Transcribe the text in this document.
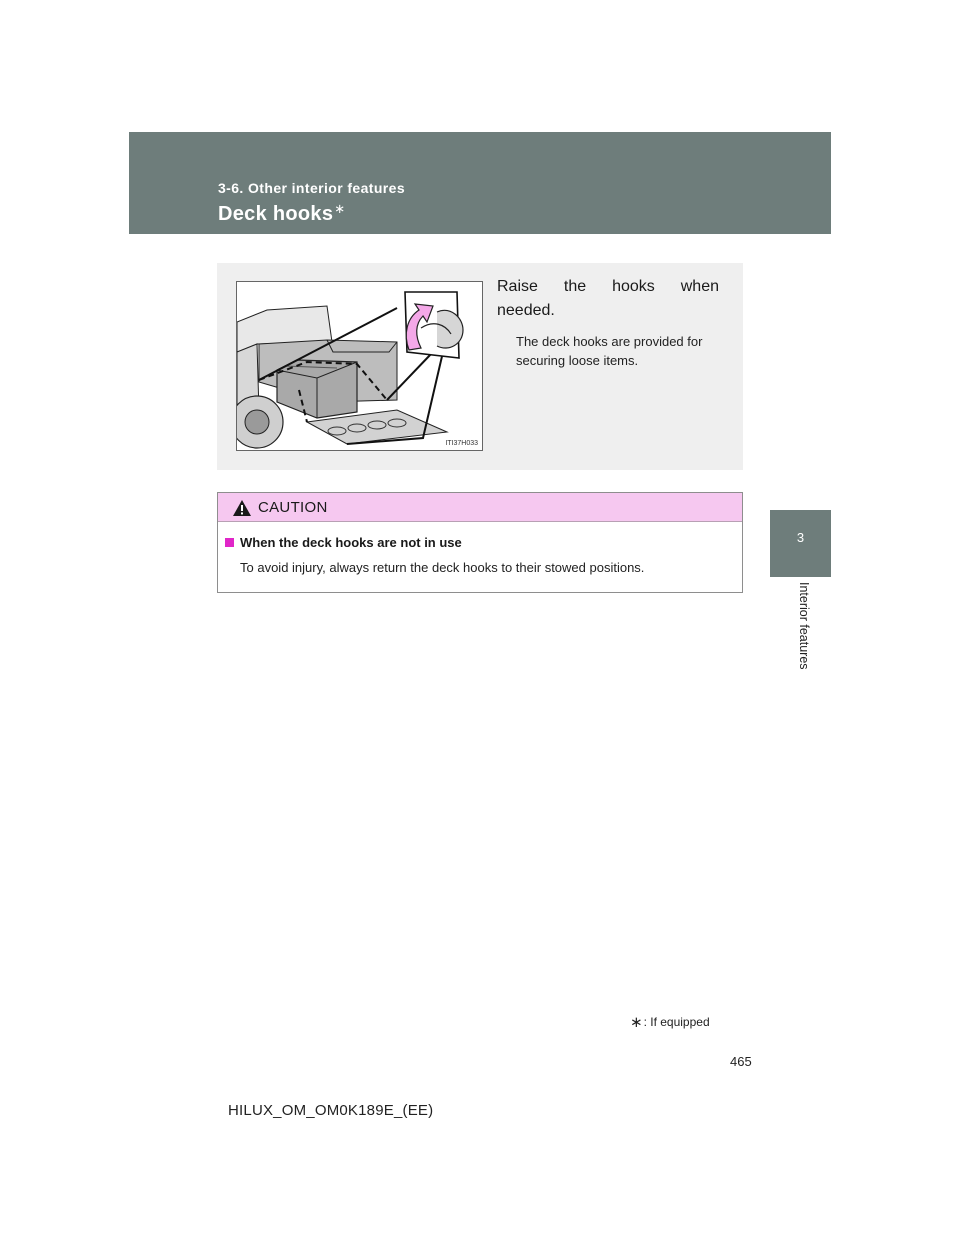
3-6. Other interior features
Deck hooks∗
3
Interior features
ITI37H033
Raise the hooks when
needed.
The deck hooks are provided for securing loose items.
CAUTION
When the deck hooks are not in use
To avoid injury, always return the deck hooks to their stowed positions.
∗: If equipped
465
HILUX_OM_OM0K189E_(EE)
